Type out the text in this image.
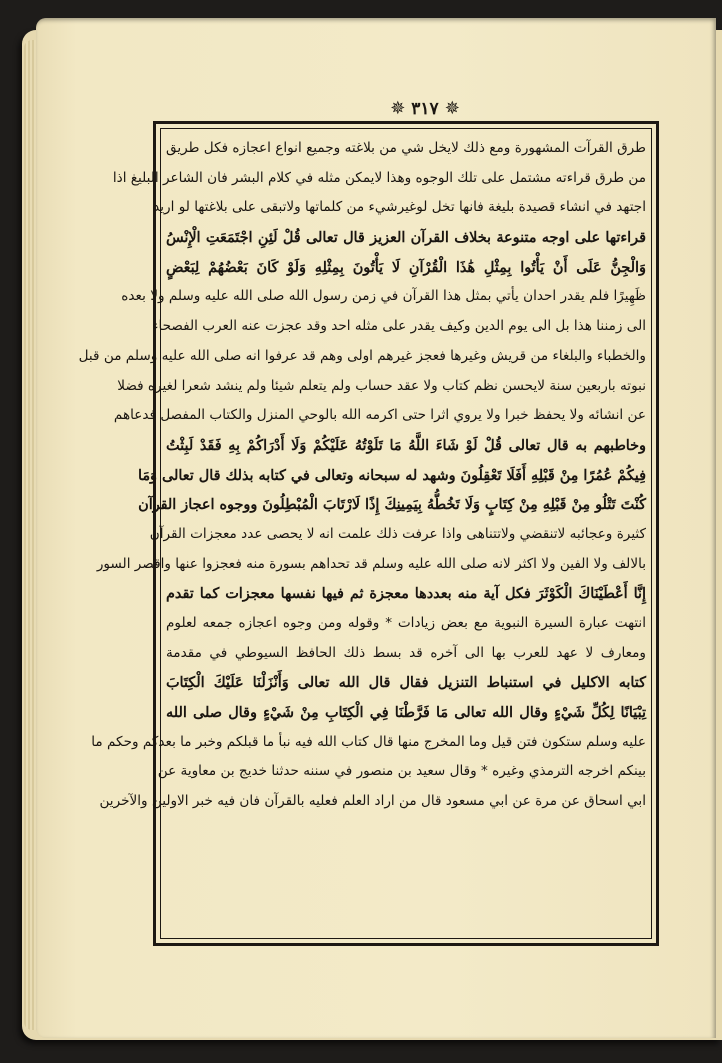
✵ ٣١٧ ✵
طرق القرآت المشهورة ومع ذلك لايخل شي من بلاغته وجميع انواع اعجازه فكل طريق
من طرق قراءته مشتمل على تلك الوجوه وهذا لايمكن مثله في كلام البشر فان الشاعر البليغ اذا
اجتهد في انشاء قصيدة بليغة فانها تخل لوغيرشيء من كلماتها ولاتبقى على بلاغتها لو اريد
قراءتها على اوجه متنوعة بخلاف القرآن العزيز قال تعالى قُلْ لَئِنِ اجْتَمَعَتِ الْإِنْسُ
وَالْجِنُّ عَلَى أَنْ يَأْتُوا بِمِثْلِ هَٰذَا الْقُرْآنِ لَا يَأْتُونَ بِمِثْلِهِ وَلَوْ كَانَ بَعْضُهُمْ لِبَعْضٍ
ظَهِيرًا فلم يقدر احدان يأتي بمثل هذا القرآن في زمن رسول الله صلى الله عليه وسلم ولا بعده
الى زمننا هذا بل الى يوم الدين وكيف يقدر على مثله احد وقد عجزت عنه العرب الفصحاء
والخطباء والبلغاء من قريش وغيرها فعجز غيرهم اولى وهم قد عرفوا انه صلى الله عليه وسلم من قبل
نبوته باربعين سنة لايحسن نظم كتاب ولا عقد حساب ولم يتعلم شيئا ولم ينشد شعرا لغيره فضلا
عن انشائه ولا يحفظ خبرا ولا يروي اثرا حتى اكرمه الله بالوحي المنزل والكتاب المفصل فدعاهم
وخاطبهم به قال تعالى قُلْ لَوْ شَاءَ اللَّهُ مَا تَلَوْتُهُ عَلَيْكُمْ وَلَا أَدْرَاكُمْ بِهِ فَقَدْ لَبِثْتُ
فِيكُمْ عُمُرًا مِنْ قَبْلِهِ أَفَلَا تَعْقِلُونَ وشهد له سبحانه وتعالى في كتابه بذلك قال تعالى وَمَا
كُنْتَ تَتْلُو مِنْ قَبْلِهِ مِنْ كِتَابٍ وَلَا تَخُطُّهُ بِيَمِينِكَ إِذًا لَارْتَابَ الْمُبْطِلُونَ ووجوه اعجاز القرآن
كثيرة وعجائبه لاتنقضي ولاتتناهى واذا عرفت ذلك علمت انه لا يحصى عدد معجزات القرآن
بالالف ولا الفين ولا اكثر لانه صلى الله عليه وسلم قد تحداهم بسورة منه فعجزوا عنها واقصر السور
إِنَّا أَعْطَيْنَاكَ الْكَوْثَرَ فكل آية منه بعددها معجزة ثم فيها نفسها معجزات كما تقدم
انتهت عبارة السيرة النبوية مع بعض زيادات * وقوله ومن وجوه اعجازه جمعه لعلوم
ومعارف لا عهد للعرب بها الى آخره قد بسط ذلك الحافظ السيوطي في مقدمة
كتابه الاكليل في استنباط التنزيل فقال قال الله تعالى وَأَنْزَلْنَا عَلَيْكَ الْكِتَابَ
تِبْيَانًا لِكُلِّ شَيْءٍ وقال الله تعالى مَا فَرَّطْنَا فِي الْكِتَابِ مِنْ شَيْءٍ وقال صلى الله
عليه وسلم ستكون فتن قيل وما المخرج منها قال كتاب الله فيه نبأ ما قبلكم وخبر ما بعدكم وحكم ما
بينكم اخرجه الترمذي وغيره * وقال سعيد بن منصور في سننه حدثنا خديج بن معاوية عن
ابي اسحاق عن مرة عن ابي مسعود قال من اراد العلم فعليه بالقرآن فان فيه خبر الاولين والآخرين
